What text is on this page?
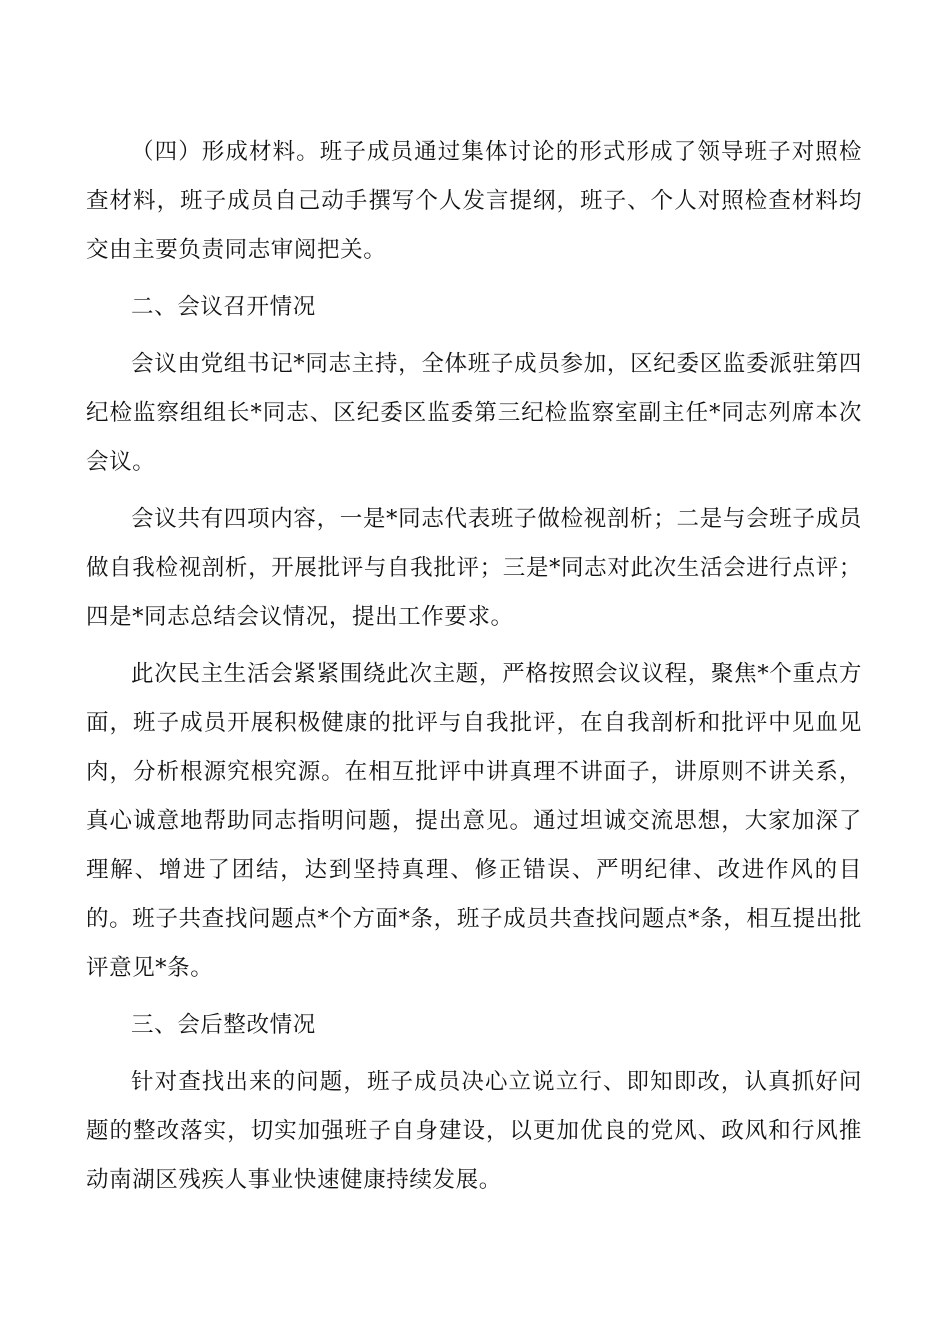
（四）形成材料。班子成员通过集体讨论的形式形成了领导班子对照检查材料，班子成员自己动手撰写个人发言提纲，班子、个人对照检查材料均交由主要负责同志审阅把关。

二、会议召开情况

会议由党组书记*同志主持，全体班子成员参加，区纪委区监委派驻第四纪检监察组组长*同志、区纪委区监委第三纪检监察室副主任*同志列席本次会议。

会议共有四项内容，一是*同志代表班子做检视剖析；二是与会班子成员做自我检视剖析，开展批评与自我批评；三是*同志对此次生活会进行点评；四是*同志总结会议情况，提出工作要求。

此次民主生活会紧紧围绕此次主题，严格按照会议议程，聚焦*个重点方面，班子成员开展积极健康的批评与自我批评，在自我剖析和批评中见血见肉，分析根源究根究源。在相互批评中讲真理不讲面子，讲原则不讲关系，真心诚意地帮助同志指明问题，提出意见。通过坦诚交流思想，大家加深了理解、增进了团结，达到坚持真理、修正错误、严明纪律、改进作风的目的。班子共查找问题点*个方面*条，班子成员共查找问题点*条，相互提出批评意见*条。

三、会后整改情况

针对查找出来的问题，班子成员决心立说立行、即知即改，认真抓好问题的整改落实，切实加强班子自身建设，以更加优良的党风、政风和行风推动南湖区残疾人事业快速健康持续发展。
